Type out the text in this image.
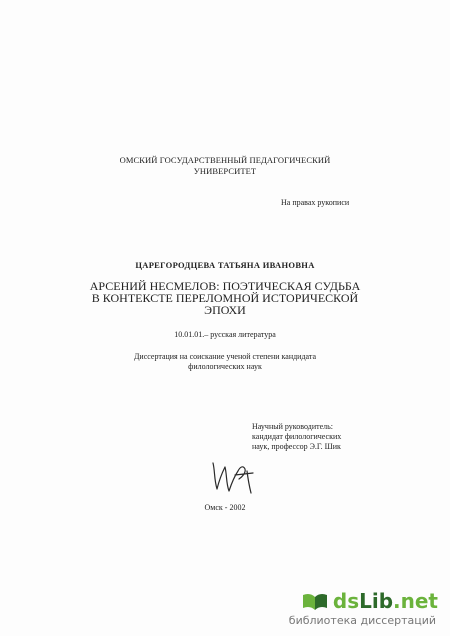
ОМСКИЙ ГОСУДАРСТВЕННЫЙ ПЕДАГОГИЧЕСКИЙ
УНИВЕРСИТЕТ

На правах рукописи

ЦАРЕГОРОДЦЕВА ТАТЬЯНА ИВАНОВНА

АРСЕНИЙ НЕСМЕЛОВ: ПОЭТИЧЕСКАЯ СУДЬБА
В КОНТЕКСТЕ ПЕРЕЛОМНОЙ ИСТОРИЧЕСКОЙ
ЭПОХИ

10.01.01.– русская литература

Диссертация на соискание ученой степени кандидата
филологических наук

Научный руководитель:
кандидат филологических
наук, профессор Э.Г. Шик

Омск - 2002

dsLib.net
библиотека диссертаций
